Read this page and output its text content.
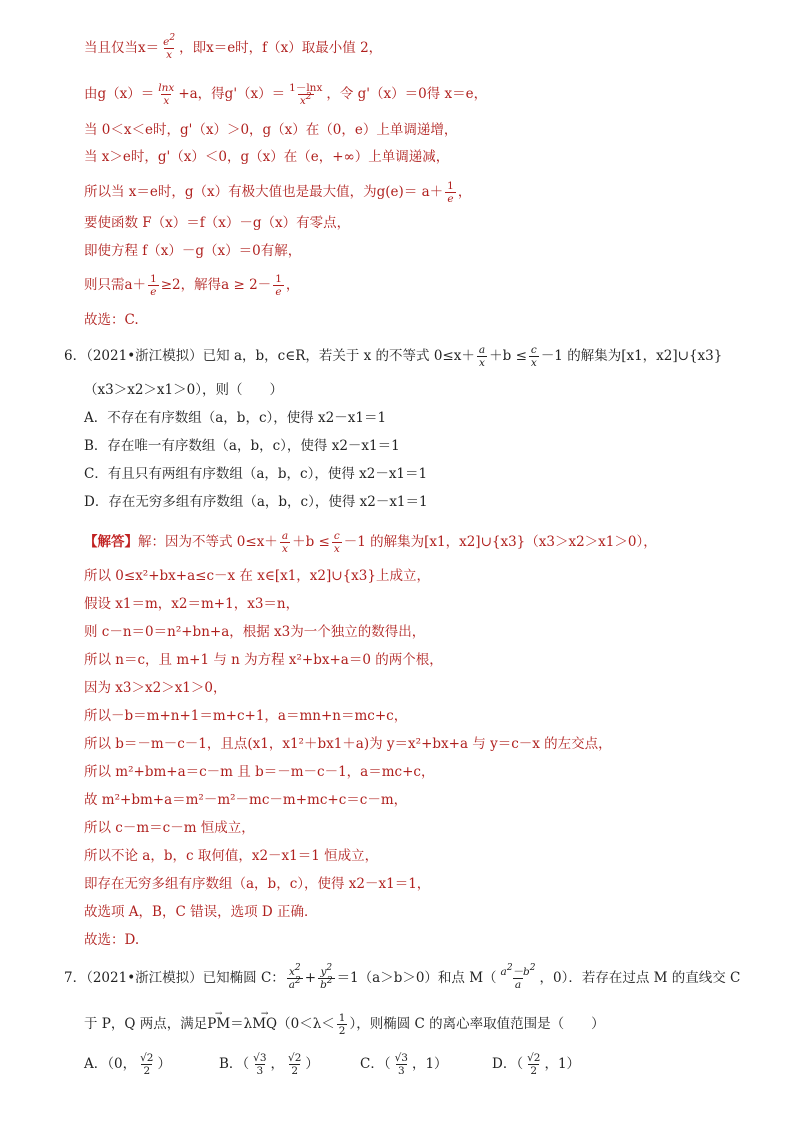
当且仅当$x= \frac{e^2}{x}$ ，即x＝e时，f（x）取最小值 2，
由$g(x)= \frac{\ln x}{x} +a$，得$g'(x)= \frac{1-\ln x}{x^2}$ ，令 g'（x）＝0得 x＝e，
当 0＜x＜e时，g'（x）＞0，g（x）在（0，e）上单调递增，
当 x＞e时，g'（x）＜0，g（x）在（e，+∞）上单调递减，
所以当 x＝e时，g（x）有极大值也是最大值，为$g(e)= a+ \frac{1}{e}$ ，
要使函数 F（x）＝f（x）－g（x）有零点，
即使方程 f（x）－g（x）＝0有解，
则只需$a+ \frac{1}{e} \ge 2$，解得$a \ge 2- \frac{1}{e}$ ，
故选：C.
6．（2021•浙江模拟）已知 a，b，c∈R，若关于 x 的不等式 $0\le x+ \frac{a}{x} +b \le \frac{c}{x} -1$ 的解集为[x1，x2]∪{x3}
（x3＞x2＞x1＞0），则（　　）
A．不存在有序数组（a，b，c），使得 x2－x1＝1
B．存在唯一有序数组（a，b，c），使得 x2－x1＝1
C．有且只有两组有序数组（a，b，c），使得 x2－x1＝1
D．存在无穷多组有序数组（a，b，c），使得 x2－x1＝1
【解答】解：因为不等式 $0\le x+ \frac{a}{x} +b \le \frac{c}{x} -1$ 的解集为[x1，x2]∪{x3}（x3＞x2＞x1＞0），
所以 0≤x²+bx+a≤c－x 在 x∈[x1，x2]∪{x3}上成立，
假设 x1＝m，x2＝m+1，x3＝n，
则 c－n＝0＝n²+bn+a，根据 x3为一个独立的数得出，
所以 n＝c，且 m+1 与 n 为方程 x²+bx+a＝0 的两个根，
因为 x3＞x2＞x1＞0，
所以－b＝m+n+1＝m+c+1，a＝mn+n＝mc+c，
所以 b＝－m－c－1，且点(x1，x1²＋bx1＋a)为 y＝x²+bx+a 与 y＝c－x 的左交点，
所以 m²+bm+a＝c－m 且 b＝－m－c－1，a＝mc+c，
故 m²+bm+a＝m²－m²－mc－m+mc+c＝c－m，
所以 c－m＝c－m 恒成立，
所以不论 a，b，c 取何值，x2－x1＝1 恒成立，
即存在无穷多组有序数组（a，b，c），使得 x2－x1＝1，
故选项 A，B，C 错误，选项 D 正确．
故选：D.
7．（2021•浙江模拟）已知椭圆 C： $\frac{x^2}{a^2} + \frac{y^2}{b^2} =1(a>b>0)$和点 $M( \frac{a^2-b^2}{a}$ ，0）．若存在过点 M 的直线交 C
于 P，Q 两点，满足→ $PM=\lambda\to MQ(0<\lambda< \frac{1}{2}$ ），则椭圆 C 的离心率取值范围是（　　）
A．（0， $\frac{√2}{2}$ ）	B．（ $\frac{√3}{3}$ ， $\frac{√2}{2}$ ）	C．（ $\frac{√3}{3}$ ，1）	D．（ $\frac{√2}{2}$ ，1）
